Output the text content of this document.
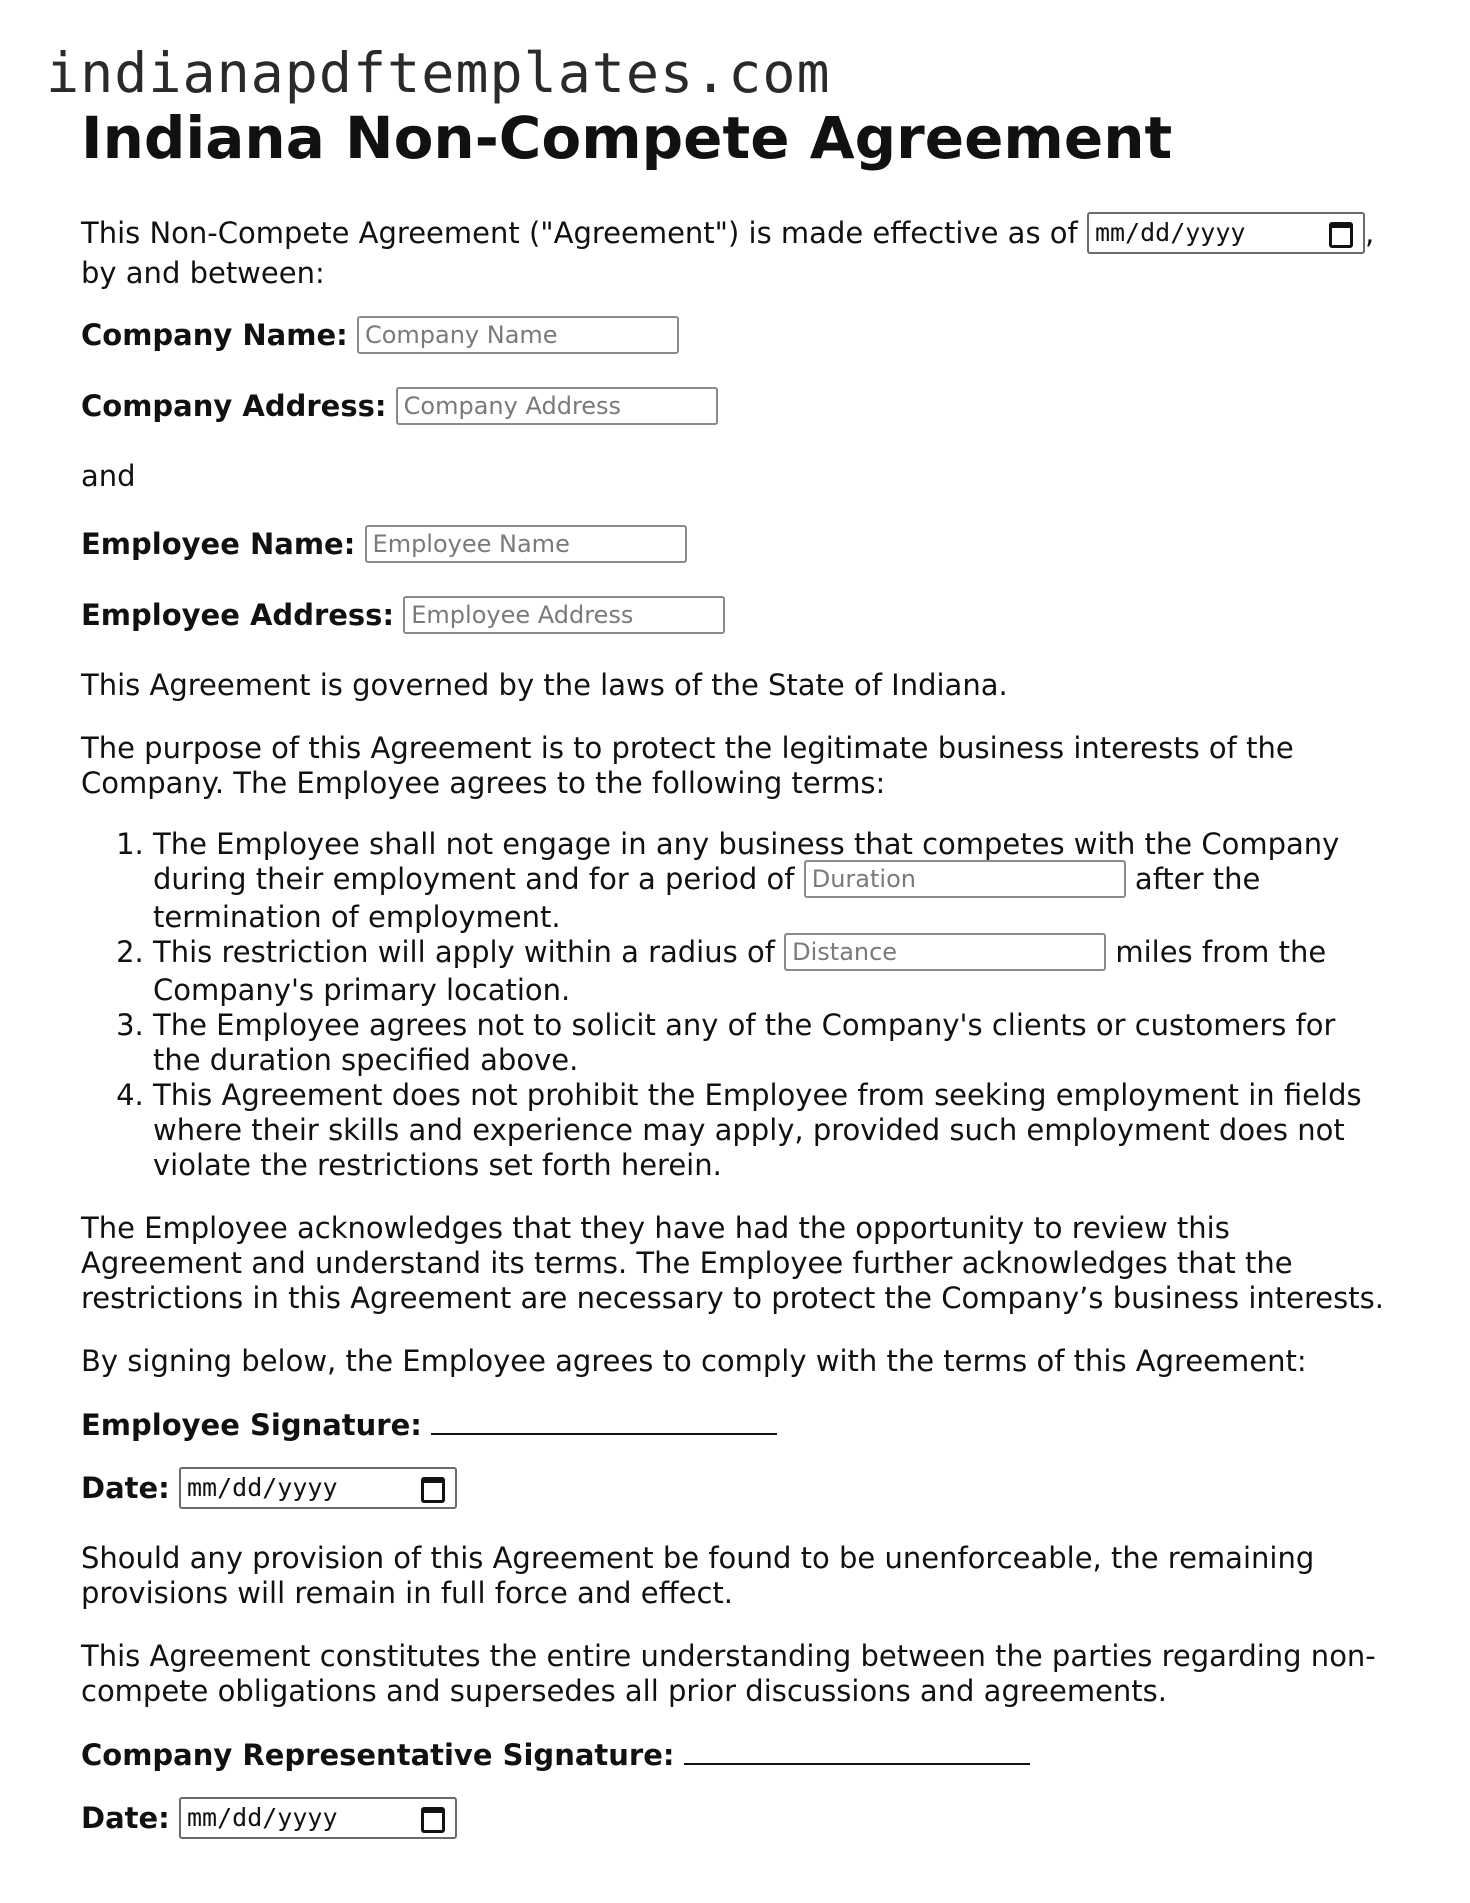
indianapdftemplates.com
Indiana Non-Compete Agreement

This Non-Compete Agreement ("Agreement") is made effective as of mm/dd/yyyy	,
by and between:

Company Name: Company Name
Company Address: Company Address

and

Employee Name: Employee Name
Employee Address: Employee Address

This Agreement is governed by the laws of the State of Indiana.

The purpose of this Agreement is to protect the legitimate business interests of the Company. The Employee agrees to the following terms:

1. The Employee shall not engage in any business that competes with the Company during their employment and for a period of Duration	after the termination of employment.
2. This restriction will apply within a radius of Distance	miles from the Company's primary location.
3. The Employee agrees not to solicit any of the Company's clients or customers for the duration specified above.
4. This Agreement does not prohibit the Employee from seeking employment in fields where their skills and experience may apply, provided such employment does not violate the restrictions set forth herein.

The Employee acknowledges that they have had the opportunity to review this Agreement and understand its terms. The Employee further acknowledges that the restrictions in this Agreement are necessary to protect the Company’s business interests.

By signing below, the Employee agrees to comply with the terms of this Agreement:

Employee Signature:
Date: mm/dd/yyyy

Should any provision of this Agreement be found to be unenforceable, the remaining provisions will remain in full force and effect.

This Agreement constitutes the entire understanding between the parties regarding non-compete obligations and supersedes all prior discussions and agreements.

Company Representative Signature:
Date: mm/dd/yyyy
